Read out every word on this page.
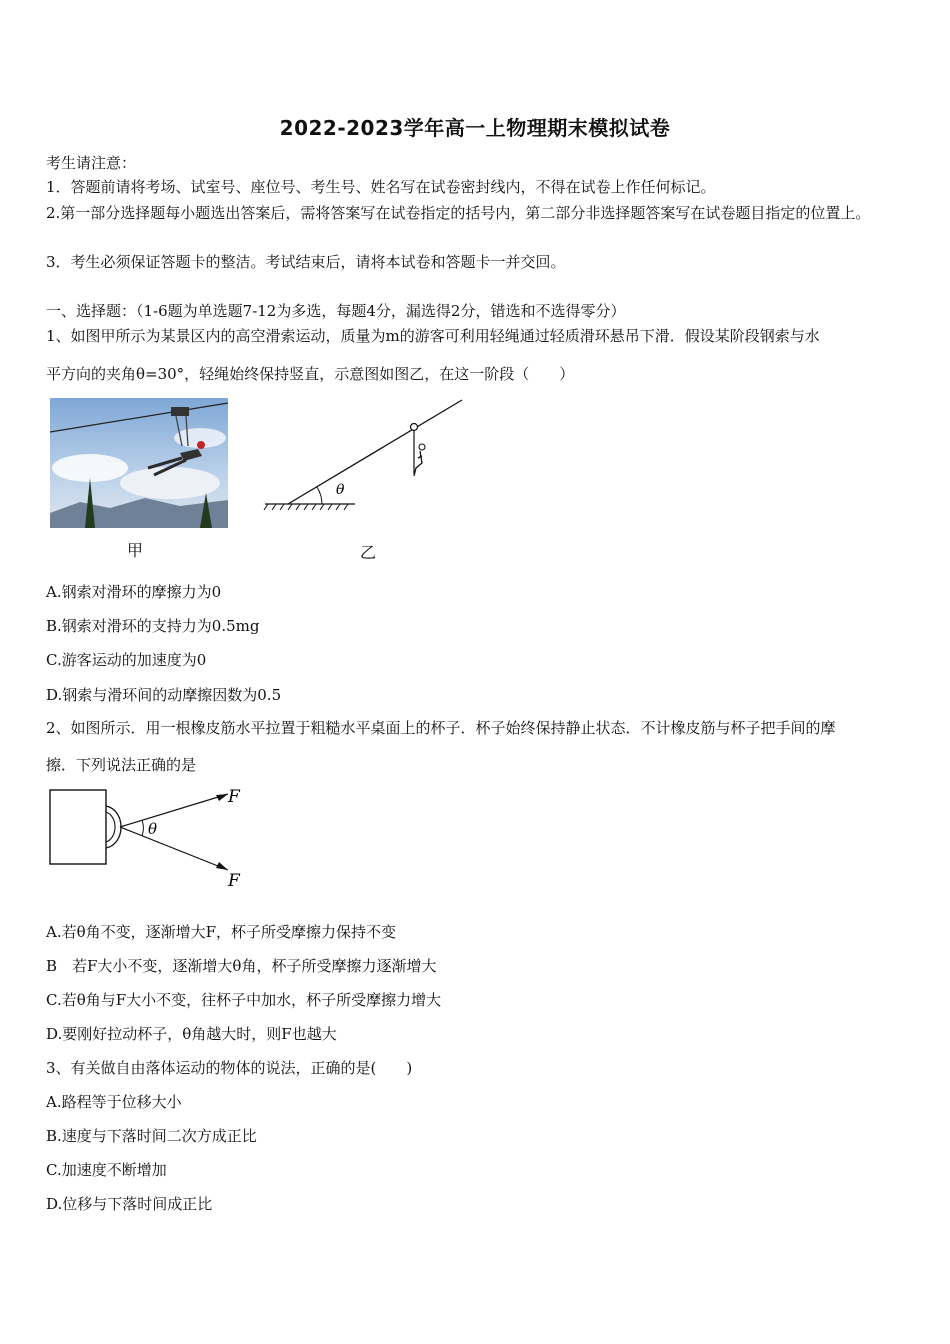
2022-2023学年高一上物理期末模拟试卷
考生请注意：
1．答题前请将考场、试室号、座位号、考生号、姓名写在试卷密封线内，不得在试卷上作任何标记。
2.第一部分选择题每小题选出答案后，需将答案写在试卷指定的括号内，第二部分非选择题答案写在试卷题目指定的位置上。
3．考生必须保证答题卡的整洁。考试结束后，请将本试卷和答题卡一并交回。
一、选择题：（1-6题为单选题7-12为多选，每题4分，漏选得2分，错选和不选得零分）
1、如图甲所示为某景区内的高空滑索运动，质量为m的游客可利用轻绳通过轻质滑环悬吊下滑．假设某阶段钢索与水
平方向的夹角θ=30°，轻绳始终保持竖直，示意图如图乙，在这一阶段（　　）
甲
θ
乙
A.钢索对滑环的摩擦力为0
B.钢索对滑环的支持力为0.5mg
C.游客运动的加速度为0
D.钢索与滑环间的动摩擦因数为0.5
2、如图所示．用一根橡皮筋水平拉置于粗糙水平桌面上的杯子．杯子始终保持静止状态．不计橡皮筋与杯子把手间的摩
擦．下列说法正确的是
θ
F
F
A.若θ角不变，逐渐增大F，杯子所受摩擦力保持不变
B　若F大小不变，逐渐增大θ角，杯子所受摩擦力逐渐增大
C.若θ角与F大小不变，往杯子中加水，杯子所受摩擦力增大
D.要刚好拉动杯子，θ角越大时，则F也越大
3、有关做自由落体运动的物体的说法，正确的是(　　)
A.路程等于位移大小
B.速度与下落时间二次方成正比
C.加速度不断增加
D.位移与下落时间成正比
